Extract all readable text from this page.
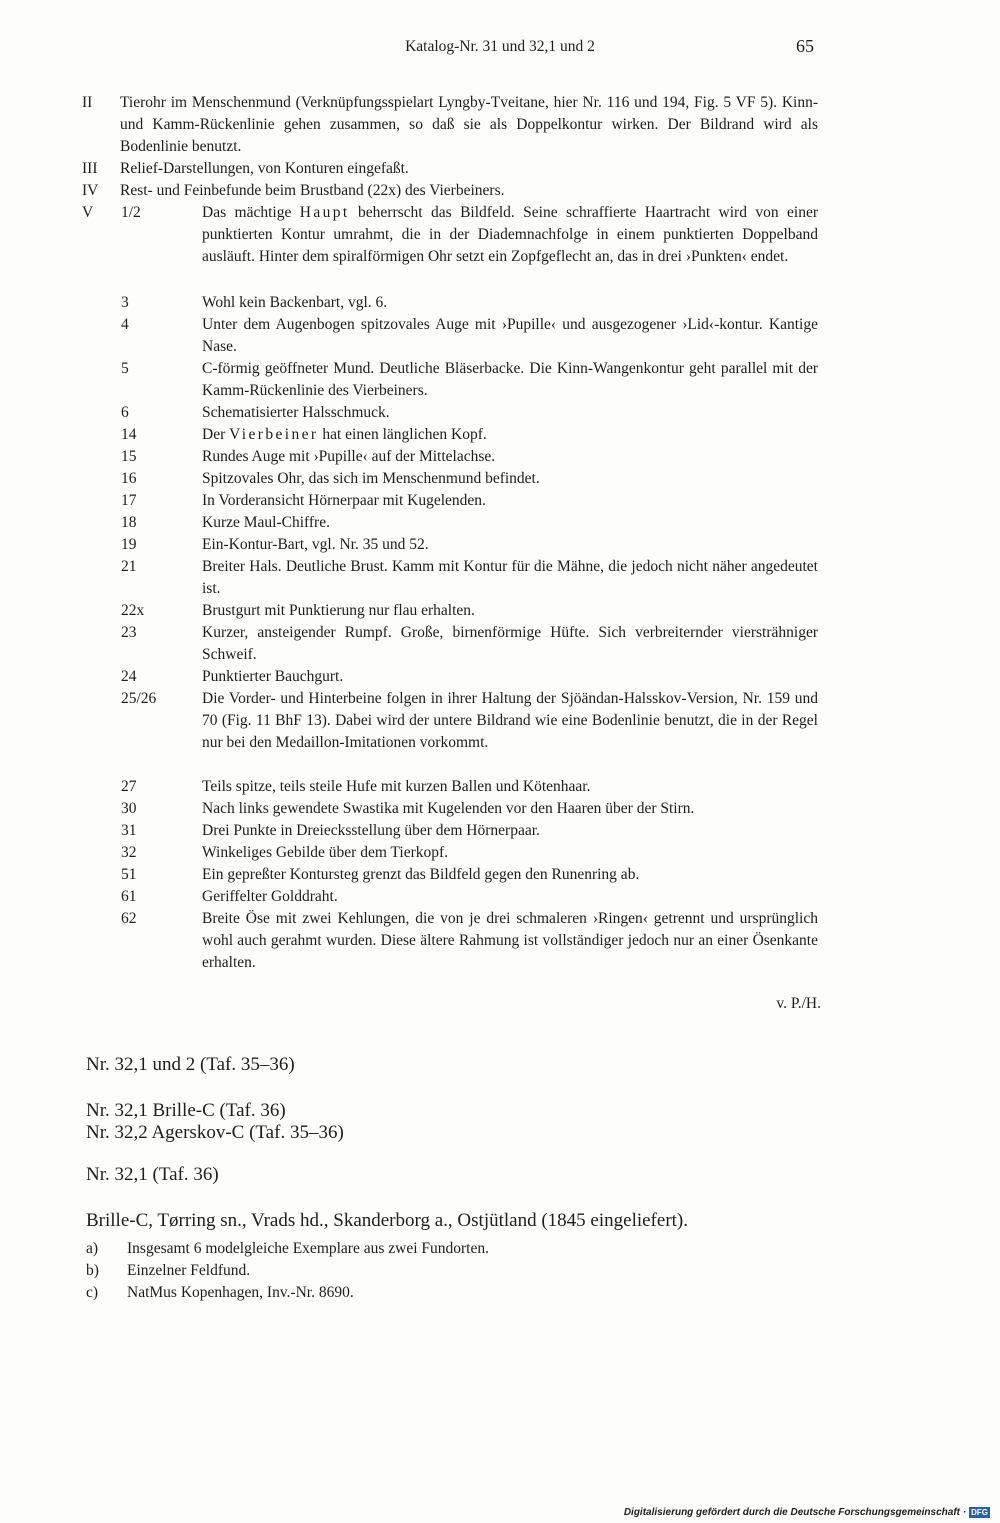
Katalog-Nr. 31 und 32,1 und 2	65
II Tierohr im Menschenmund (Verknüpfungsspielart Lyngby-Tveitane, hier Nr. 116 und 194, Fig. 5 VF 5). Kinn- und Kamm-Rückenlinie gehen zusammen, so daß sie als Doppelkontur wirken. Der Bildrand wird als Bodenlinie benutzt.
III Relief-Darstellungen, von Konturen eingefaßt.
IV Rest- und Feinbefunde beim Brustband (22x) des Vierbeiners.
V 1/2	Das mächtige Haupt beherrscht das Bildfeld. Seine schraffierte Haartracht wird von einer punktierten Kontur umrahmt, die in der Diademnachfolge in einem punktierten Doppelband ausläuft. Hinter dem spiralförmigen Ohr setzt ein Zopfgeflecht an, das in drei ›Punkten‹ endet.
3	Wohl kein Backenbart, vgl. 6.
4	Unter dem Augenbogen spitzovales Auge mit ›Pupille‹ und ausgezogener ›Lid‹-kontur. Kantige Nase.
5	C-förmig geöffneter Mund. Deutliche Bläserbacke. Die Kinn-Wangenkontur geht parallel mit der Kamm-Rückenlinie des Vierbeiners.
6	Schematisierter Halsschmuck.
14	Der Vierbeiner hat einen länglichen Kopf.
15	Rundes Auge mit ›Pupille‹ auf der Mittelachse.
16	Spitzovales Ohr, das sich im Menschenmund befindet.
17	In Vorderansicht Hörnerpaar mit Kugelenden.
18	Kurze Maul-Chiffre.
19	Ein-Kontur-Bart, vgl. Nr. 35 und 52.
21	Breiter Hals. Deutliche Brust. Kamm mit Kontur für die Mähne, die jedoch nicht näher angedeutet ist.
22x	Brustgurt mit Punktierung nur flau erhalten.
23	Kurzer, ansteigender Rumpf. Große, birnenförmige Hüfte. Sich verbreiternder viersträhniger Schweif.
24	Punktierter Bauchgurt.
25/26	Die Vorder- und Hinterbeine folgen in ihrer Haltung der Sjöändan-Halsskov-Version, Nr. 159 und 70 (Fig. 11 BhF 13). Dabei wird der untere Bildrand wie eine Bodenlinie benutzt, die in der Regel nur bei den Medaillon-Imitationen vorkommt.
27	Teils spitze, teils steile Hufe mit kurzen Ballen und Kötenhaar.
30	Nach links gewendete Swastika mit Kugelenden vor den Haaren über der Stirn.
31	Drei Punkte in Dreiecksstellung über dem Hörnerpaar.
32	Winkeliges Gebilde über dem Tierkopf.
51	Ein gepreßter Kontursteg grenzt das Bildfeld gegen den Runenring ab.
61	Geriffelter Golddraht.
62	Breite Öse mit zwei Kehlungen, die von je drei schmaleren ›Ringen‹ getrennt und ursprünglich wohl auch gerahmt wurden. Diese ältere Rahmung ist vollständiger jedoch nur an einer Ösenkante erhalten.
v. P./H.
Nr. 32,1 und 2 (Taf. 35–36)
Nr. 32,1 Brille-C (Taf. 36)
Nr. 32,2 Agerskov-C (Taf. 35–36)
Nr. 32,1 (Taf. 36)
Brille-C, Tørring sn., Vrads hd., Skanderborg a., Ostjütland (1845 eingeliefert).
a) Insgesamt 6 modelgleiche Exemplare aus zwei Fundorten.
b) Einzelner Feldfund.
c) NatMus Kopenhagen, Inv.-Nr. 8690.
Digitalisierung gefördert durch die Deutsche Forschungsgemeinschaft · DFG
